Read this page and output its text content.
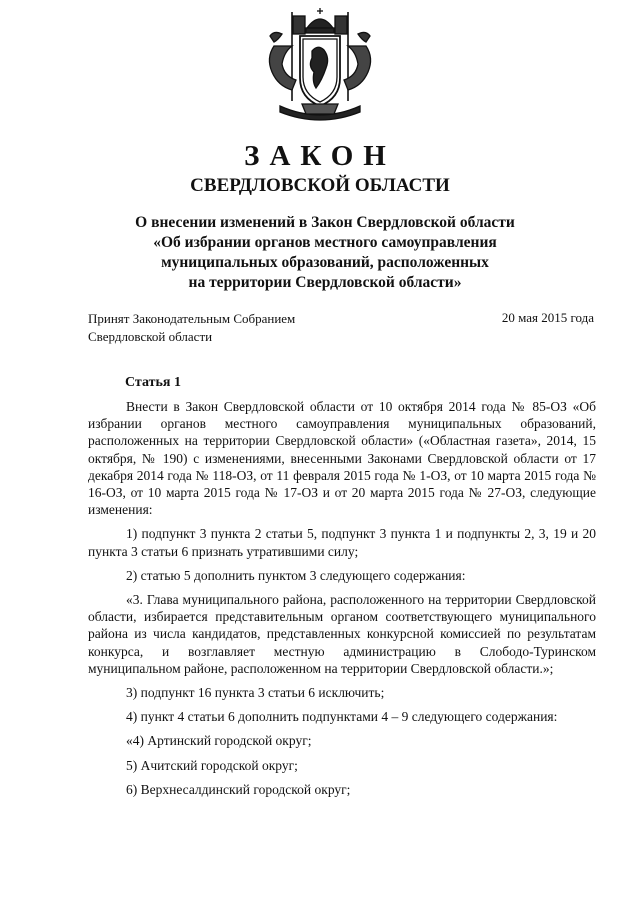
ЗАКОН
СВЕРДЛОВСКОЙ ОБЛАСТИ
О внесении изменений в Закон Свердловской области
«Об избрании органов местного самоуправления
муниципальных образований, расположенных
на территории Свердловской области»
Принят Законодательным Собранием
Свердловской области
20 мая 2015 года
Статья 1

Внести в Закон Свердловской области от 10 октября 2014 года № 85-ОЗ «Об избрании органов местного самоуправления муниципальных образований, расположенных на территории Свердловской области» («Областная газета», 2014, 15 октября, № 190) с изменениями, внесенными Законами Свердловской области от 17 декабря 2014 года № 118-ОЗ, от 11 февраля 2015 года № 1-ОЗ, от 10 марта 2015 года № 16-ОЗ, от 10 марта 2015 года № 17-ОЗ и от 20 марта 2015 года № 27-ОЗ, следующие изменения:

1) подпункт 3 пункта 2 статьи 5, подпункт 3 пункта 1 и подпункты 2, 3, 19 и 20 пункта 3 статьи 6 признать утратившими силу;

2) статью 5 дополнить пунктом 3 следующего содержания:

«3. Глава муниципального района, расположенного на территории Свердловской области, избирается представительным органом соответствующего муниципального района из числа кандидатов, представленных конкурсной комиссией по результатам конкурса, и возглавляет местную администрацию в Слободо-Туринском муниципальном районе, расположенном на территории Свердловской области.»;

3) подпункт 16 пункта 3 статьи 6 исключить;

4) пункт 4 статьи 6 дополнить подпунктами 4 – 9 следующего содержания:

«4) Артинский городской округ;

5) Ачитский городской округ;

6) Верхнесалдинский городской округ;
